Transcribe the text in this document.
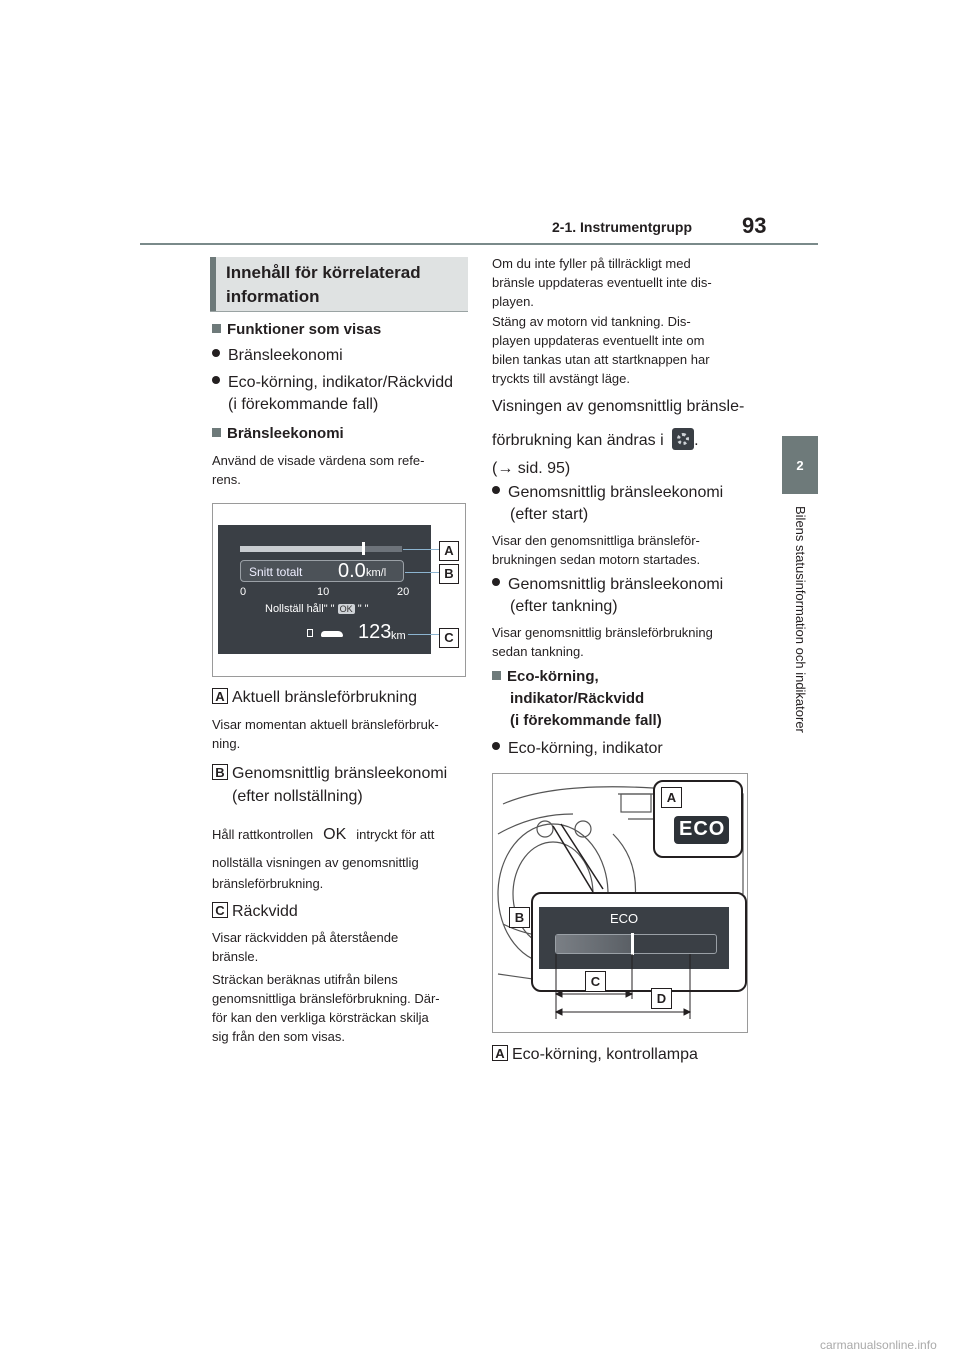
2-1. Instrumentgrupp 93
2
Bilens statusinformation och indikatorer
Innehåll för körrelaterad information
Funktioner som visas
Bränsleekonomi
Eco-körning, indikator/Räckvidd
(i förekommande fall)
Bränsleekonomi
Använd de visade värdena som refe-
rens.
Snitt totalt 0.0 km/l
0	10	20
Nollställ håll" " OK " "
123 km
A
B
C
A Aktuell bränsleförbrukning
Visar momentan aktuell bränsleförbruk-
ning.
B Genomsnittlig bränsleekonomi
(efter nollställning)
Håll rattkontrollen OK intryckt för att
nollställa visningen av genomsnittlig
bränsleförbrukning.
C Räckvidd
Visar räckvidden på återstående
bränsle.
Sträckan beräknas utifrån bilens
genomsnittliga bränsleförbrukning. Där-
för kan den verkliga körsträckan skilja
sig från den som visas.
Om du inte fyller på tillräckligt med
bränsle uppdateras eventuellt inte dis-
playen.
Stäng av motorn vid tankning. Dis-
playen uppdateras eventuellt inte om
bilen tankas utan att startknappen har
tryckts till avstängt läge.
Visningen av genomsnittlig bränsle-
förbrukning kan ändras i .
(→ sid. 95)
Genomsnittlig bränsleekonomi
(efter start)
Visar den genomsnittliga bränsleför-
brukningen sedan motorn startades.
Genomsnittlig bränsleekonomi
(efter tankning)
Visar genomsnittlig bränsleförbrukning
sedan tankning.
Eco-körning,
indikator/Räckvidd
(i förekommande fall)
Eco-körning, indikator
ECO
ECO
A
B
C
D
A Eco-körning, kontrollampa
carmanualsonline.info
